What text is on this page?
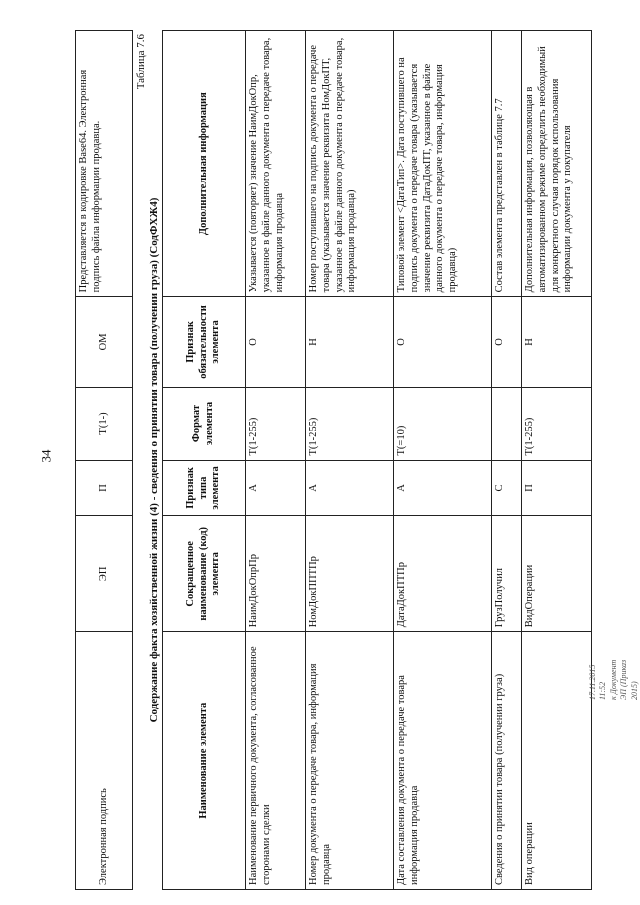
34
Электронная подпись	ЭП	П	T(1-)	ОМ	Представляется в кодировке Base64. Электронная подпись файла информации продавца.
Таблица 7.6
Содержание факта хозяйственной жизни (4) - сведения о принятии товара (получении груза) (СодФХЖ4)
Наименование элемента	Сокращенное наименование (код) элемента	Признак типа элемента	Формат элемента	Признак обязательности элемента	Дополнительная информация
Наименование первичного документа, согласованное сторонами сделки	НаимДокОпрПр	А	T(1-255)	О	Указывается (повторяет) значение НаимДокОпр, указанное в файле данного документа о передаче товара, информация продавца
Номер документа о передаче товара, информация продавца	НомДокППТПр	А	T(1-255)	Н	Номер поступившего на подпись документа о передаче товара (указывается значение реквизита НомДокПТ, указанное в файле данного документа о передаче товара, информация продавца)
Дата составления документа о передаче товара информация продавца	ДатаДокПТПр	А	T(=10)	О	Типовой элемент <ДатаТип>. Дата поступившего на подпись документа о передаче товара (указывается значение реквизита ДатаДокПТ, указанное в файле данного документа о передаче товара, информация продавца)
Сведения о принятии товара (получении груза)	ГрузПолучил	С		О	Состав элемента представлен в таблице 7.7
Вид операции	ВидОперации	П	T(1-255)	Н	Дополнительная информация, позволяющая в автоматизированном режиме определить необходимый для конкретного случая порядок использования информации документа у покупателя
17.11.2015 11:52 к Документ ЭП (Приказ 2015)
